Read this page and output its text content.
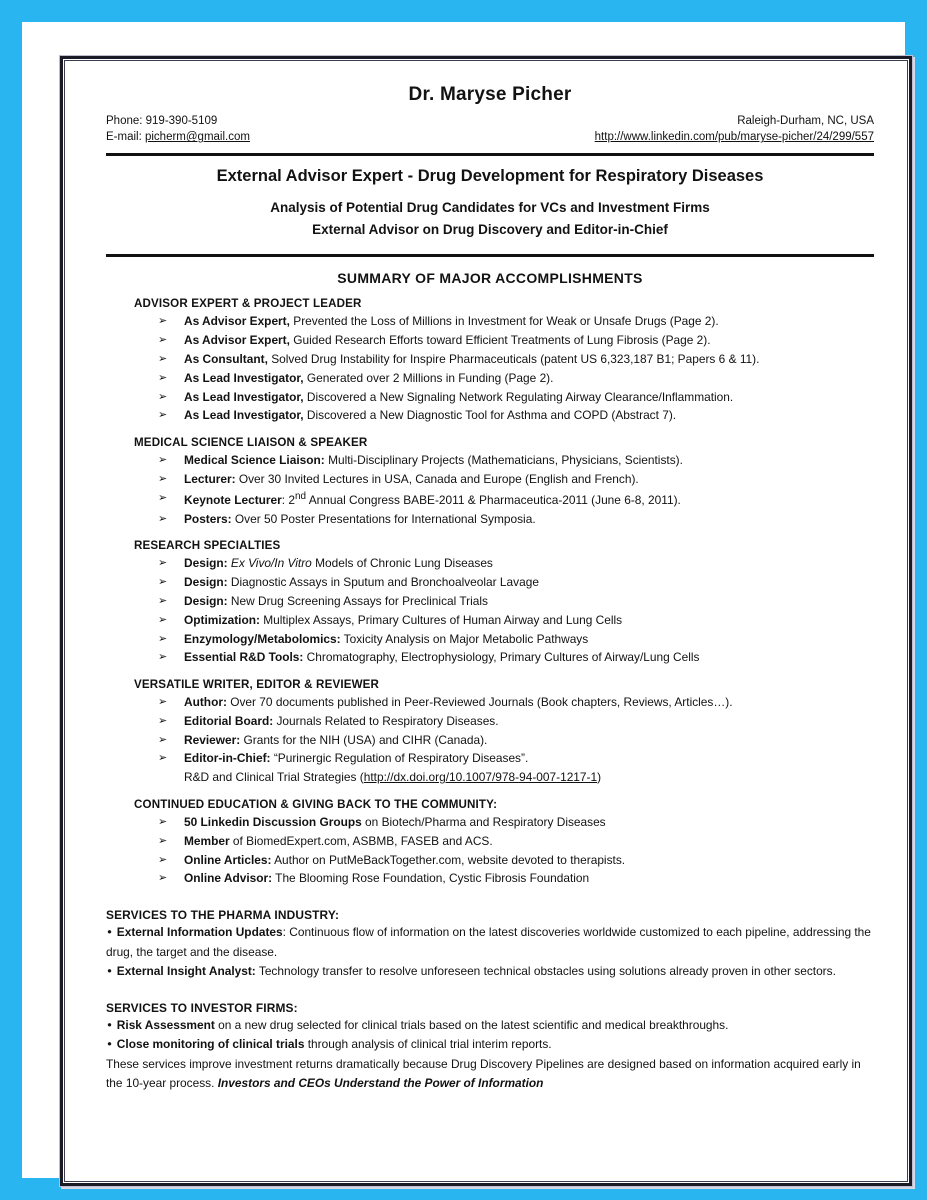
Dr. Maryse Picher
Phone: 919-390-5109
E-mail: picherm@gmail.com
Raleigh-Durham, NC, USA
http://www.linkedin.com/pub/maryse-picher/24/299/557
External Advisor Expert - Drug Development for Respiratory Diseases
Analysis of Potential Drug Candidates for VCs and Investment Firms
External Advisor on Drug Discovery and Editor-in-Chief
SUMMARY OF MAJOR ACCOMPLISHMENTS
ADVISOR EXPERT & PROJECT LEADER
➢ As Advisor Expert, Prevented the Loss of Millions in Investment for Weak or Unsafe Drugs (Page 2).
➢ As Advisor Expert, Guided Research Efforts toward Efficient Treatments of Lung Fibrosis (Page 2).
➢ As Consultant, Solved Drug Instability for Inspire Pharmaceuticals (patent US 6,323,187 B1; Papers 6 & 11).
➢ As Lead Investigator, Generated over 2 Millions in Funding (Page 2).
➢ As Lead Investigator, Discovered a New Signaling Network Regulating Airway Clearance/Inflammation.
➢ As Lead Investigator, Discovered a New Diagnostic Tool for Asthma and COPD (Abstract 7).
MEDICAL SCIENCE LIAISON & SPEAKER
➢ Medical Science Liaison: Multi-Disciplinary Projects (Mathematicians, Physicians, Scientists).
➢ Lecturer: Over 30 Invited Lectures in USA, Canada and Europe (English and French).
➢ Keynote Lecturer: 2nd Annual Congress BABE-2011 & Pharmaceutica-2011 (June 6-8, 2011).
➢ Posters: Over 50 Poster Presentations for International Symposia.
RESEARCH SPECIALTIES
➢ Design: Ex Vivo/In Vitro Models of Chronic Lung Diseases
➢ Design: Diagnostic Assays in Sputum and Bronchoalveolar Lavage
➢ Design: New Drug Screening Assays for Preclinical Trials
➢ Optimization: Multiplex Assays, Primary Cultures of Human Airway and Lung Cells
➢ Enzymology/Metabolomics: Toxicity Analysis on Major Metabolic Pathways
➢ Essential R&D Tools: Chromatography, Electrophysiology, Primary Cultures of Airway/Lung Cells
VERSATILE WRITER, EDITOR & REVIEWER
➢ Author: Over 70 documents published in Peer-Reviewed Journals (Book chapters, Reviews, Articles…).
➢ Editorial Board: Journals Related to Respiratory Diseases.
➢ Reviewer: Grants for the NIH (USA) and CIHR (Canada).
➢ Editor-in-Chief: “Purinergic Regulation of Respiratory Diseases”.
R&D and Clinical Trial Strategies (http://dx.doi.org/10.1007/978-94-007-1217-1)
CONTINUED EDUCATION & GIVING BACK TO THE COMMUNITY:
➢ 50 Linkedin Discussion Groups on Biotech/Pharma and Respiratory Diseases
➢ Member of BiomedExpert.com, ASBMB, FASEB and ACS.
➢ Online Articles: Author on PutMeBackTogether.com, website devoted to therapists.
➢ Online Advisor: The Blooming Rose Foundation, Cystic Fibrosis Foundation
SERVICES TO THE PHARMA INDUSTRY:

• External Information Updates: Continuous flow of information on the latest discoveries worldwide customized to each pipeline, addressing the drug, the target and the disease.

• External Insight Analyst: Technology transfer to resolve unforeseen technical obstacles using solutions already proven in other sectors.

SERVICES TO INVESTOR FIRMS:

• Risk Assessment on a new drug selected for clinical trials based on the latest scientific and medical breakthroughs.

• Close monitoring of clinical trials through analysis of clinical trial interim reports.

These services improve investment returns dramatically because Drug Discovery Pipelines are designed based on information acquired early in the 10-year process. Investors and CEOs Understand the Power of Information
